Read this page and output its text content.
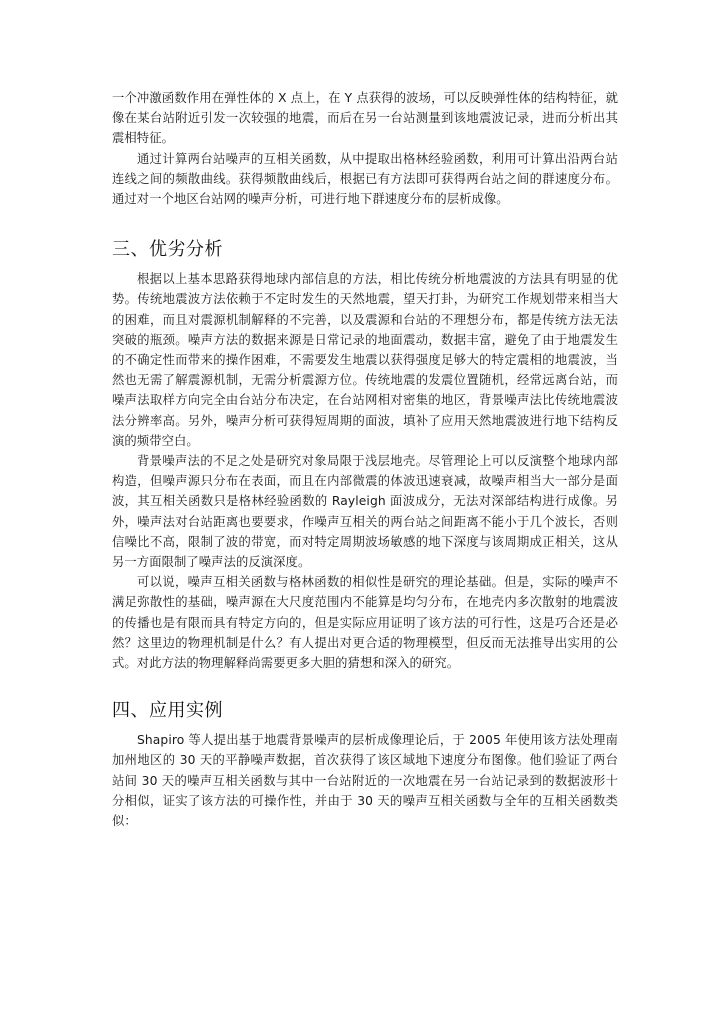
一个冲激函数作用在弹性体的 X 点上，在 Y 点获得的波场，可以反映弹性体的结构特征，就像在某台站附近引发一次较强的地震，而后在另一台站测量到该地震波记录，进而分析出其震相特征。

通过计算两台站噪声的互相关函数，从中提取出格林经验函数，利用可计算出沿两台站连线之间的频散曲线。获得频散曲线后，根据已有方法即可获得两台站之间的群速度分布。通过对一个地区台站网的噪声分析，可进行地下群速度分布的层析成像。

三、优劣分析

根据以上基本思路获得地球内部信息的方法，相比传统分析地震波的方法具有明显的优势。传统地震波方法依赖于不定时发生的天然地震，望天打卦，为研究工作规划带来相当大的困难，而且对震源机制解释的不完善，以及震源和台站的不理想分布，都是传统方法无法突破的瓶颈。噪声方法的数据来源是日常记录的地面震动，数据丰富，避免了由于地震发生的不确定性而带来的操作困难，不需要发生地震以获得强度足够大的特定震相的地震波，当然也无需了解震源机制，无需分析震源方位。传统地震的发震位置随机，经常远离台站，而噪声法取样方向完全由台站分布决定，在台站网相对密集的地区，背景噪声法比传统地震波法分辨率高。另外，噪声分析可获得短周期的面波，填补了应用天然地震波进行地下结构反演的频带空白。

背景噪声法的不足之处是研究对象局限于浅层地壳。尽管理论上可以反演整个地球内部构造，但噪声源只分布在表面，而且在内部微震的体波迅速衰减，故噪声相当大一部分是面波，其互相关函数只是格林经验函数的 Rayleigh 面波成分，无法对深部结构进行成像。另外，噪声法对台站距离也要要求，作噪声互相关的两台站之间距离不能小于几个波长，否则信噪比不高，限制了波的带宽，而对特定周期波场敏感的地下深度与该周期成正相关，这从另一方面限制了噪声法的反演深度。

可以说，噪声互相关函数与格林函数的相似性是研究的理论基础。但是，实际的噪声不满足弥散性的基础，噪声源在大尺度范围内不能算是均匀分布，在地壳内多次散射的地震波的传播也是有限而具有特定方向的，但是实际应用证明了该方法的可行性，这是巧合还是必然？这里边的物理机制是什么？有人提出对更合适的物理模型，但反而无法推导出实用的公式。对此方法的物理解释尚需要更多大胆的猜想和深入的研究。

四、应用实例

Shapiro 等人提出基于地震背景噪声的层析成像理论后，于 2005 年使用该方法处理南加州地区的 30 天的平静噪声数据，首次获得了该区域地下速度分布图像。他们验证了两台站间 30 天的噪声互相关函数与其中一台站附近的一次地震在另一台站记录到的数据波形十分相似，证实了该方法的可操作性，并由于 30 天的噪声互相关函数与全年的互相关函数类似：
